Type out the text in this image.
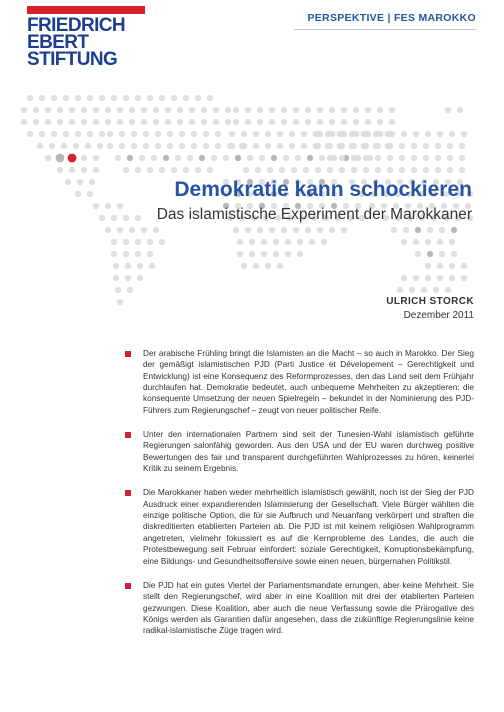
FRIEDRICH
EBERT
STIFTUNG
PERSPEKTIVE | FES MAROKKO
Demokratie kann schockieren
Das islamistische Experiment der Marokkaner
ULRICH STORCK
Dezember 2011
Der arabische Frühling bringt die Islamisten an die Macht – so auch in Marokko. Der Sieg der gemäßigt islamistischen PJD (Parti Justice et Dévelopement – Gerechtigkeit und Entwicklung) ist eine Konsequenz des Reformprozesses, den das Land seit dem Frühjahr durchlaufen hat. Demokratie bedeutet, auch unbequeme Mehrheiten zu akzeptieren: die konsequente Umsetzung der neuen Spielregeln – bekundet in der Nominierung des PJD-Führers zum Regierungschef – zeugt von neuer politischer Reife.
Unter den internationalen Partnern sind seit der Tunesien-Wahl islamistisch geführte Regierungen salonfähig geworden. Aus den USA und der EU waren durchweg positive Bewertungen des fair und transparent durchgeführten Wahlprozesses zu hören, keinerlei Kritik zu seinem Ergebnis.
Die Marokkaner haben weder mehrheitlich islamistisch gewählt, noch ist der Sieg der PJD Ausdruck einer expandierenden Islamisierung der Gesellschaft. Viele Bürger wählten die einzige politische Option, die für sie Aufbruch und Neuanfang verkörpert und straften die diskreditierten etablierten Parteien ab. Die PJD ist mit keinem religiösen Wahlprogramm angetreten, vielmehr fokussiert es auf die Kernprobleme des Landes, die auch die Protestbewegung seit Februar einfordert: soziale Gerechtigkeit, Korruptionsbekämpfung, eine Bildungs- und Gesundheitsoffensive sowie einen neuen, bürgernahen Politikstil.
Die PJD hat ein gutes Viertel der Parlamentsmandate errungen, aber keine Mehrheit. Sie stellt den Regierungschef, wird aber in eine Koalition mit drei der etablierten Parteien gezwungen. Diese Koalition, aber auch die neue Verfassung sowie die Prärogative des Königs werden als Garantien dafür angesehen, dass die zukünftige Regierungslinie keine radikal-islamistische Züge tragen wird.
